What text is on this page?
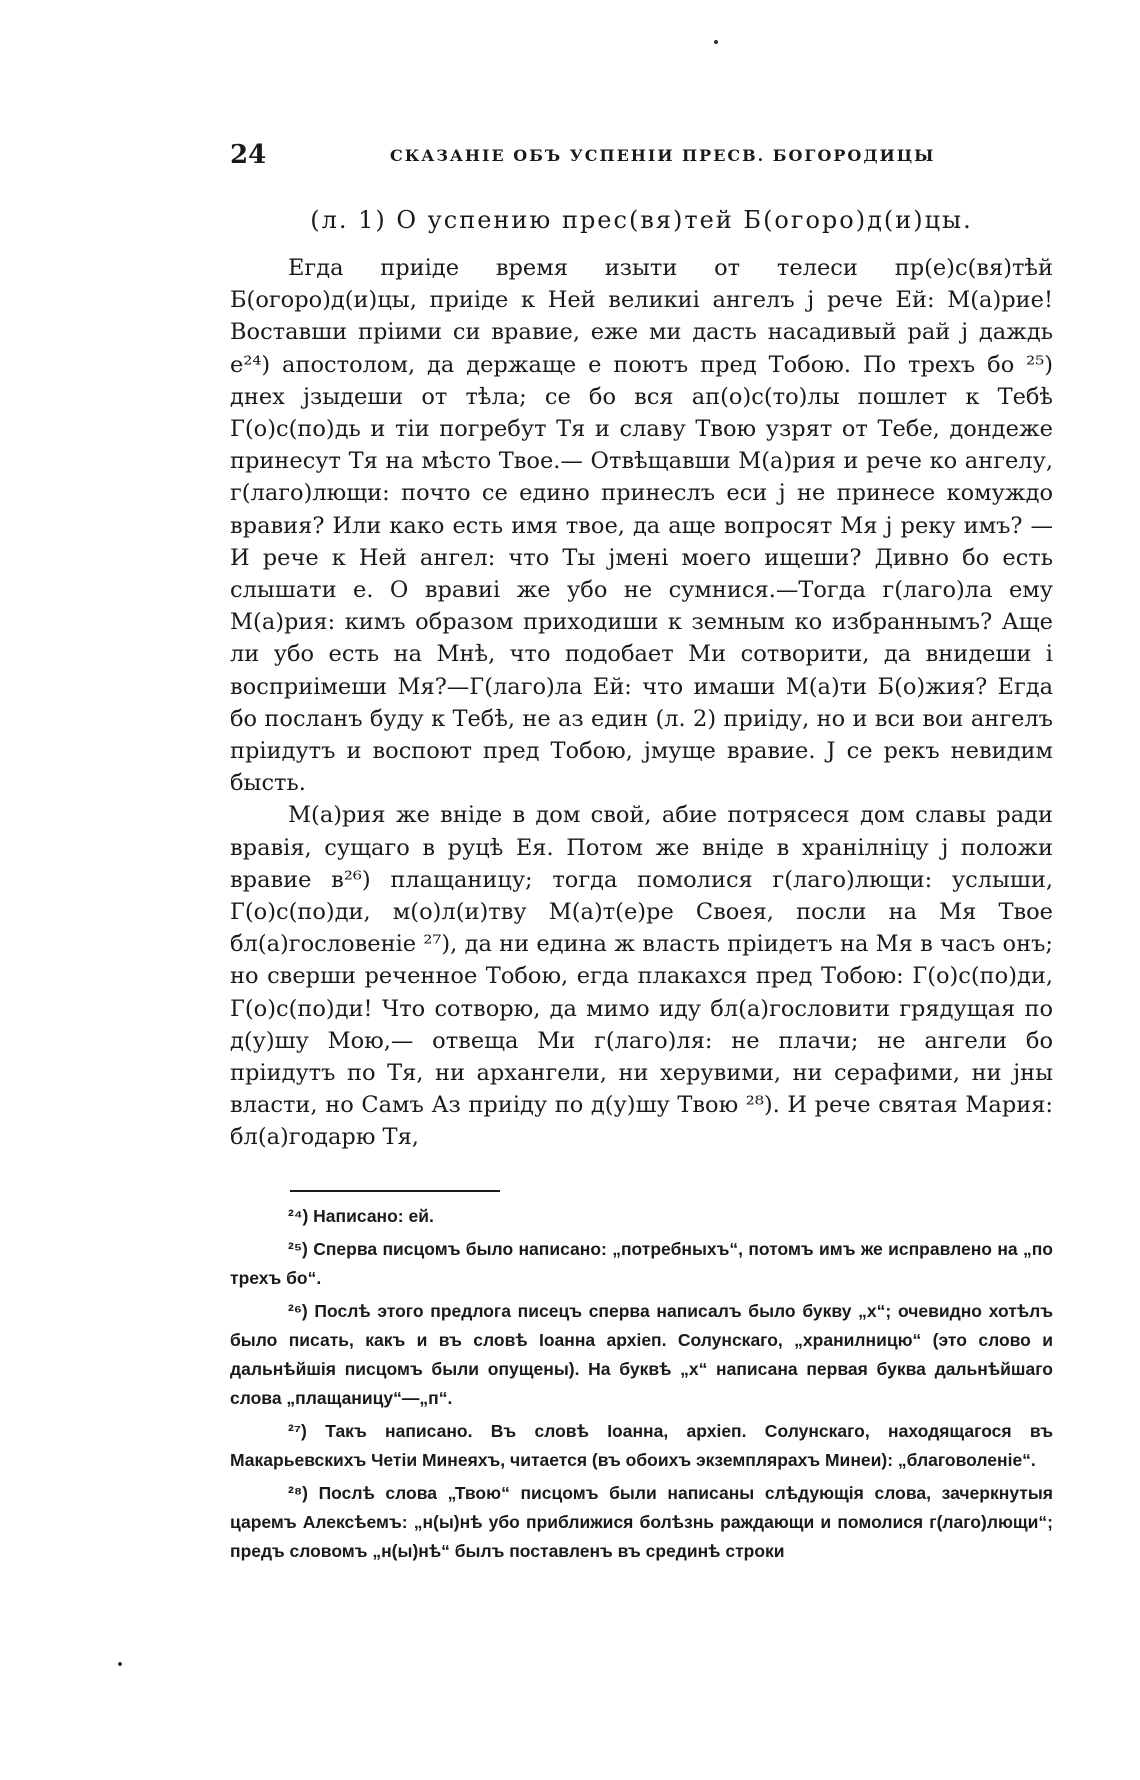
24	СКАЗАНІЕ ОБЪ УСПЕНІИ ПРЕСВ. БОГОРОДИЦЫ
(л. 1) О успению прес(вя)тей Б(огоро)д(и)цы.

Егда приіде время изыти от телеси пр(е)с(вя)тѣй Б(огоро)д(и)цы, приіде к Ней великиі ангелъ ј рече Ей: М(а)рие! Воставши пріими си вравие, еже ми дасть насадивый рай ј даждь е²⁴) апостолом, да держаще е поютъ пред Тобою. По трехъ бо ²⁵) днех јзыдеши от тѣла; се бо вся ап(о)с(то)лы пошлет к Тебѣ Г(о)с(по)дь и тіи погребут Тя и славу Твою узрят от Тебе, дондеже принесут Тя на мѣсто Твое.— Отвѣщавши М(а)рия и рече ко ангелу, г(лаго)лющи: почто се едино принеслъ еси ј не принесе комуждо вравия? Или како есть имя твое, да аще вопросят Мя ј реку имъ? — И рече к Ней ангел: что Ты јмені моего ищеши? Дивно бо есть слышати е. О вравиі же убо не сумнися.—Тогда г(лаго)ла ему М(а)рия: кимъ образом приходиши к земным ко избраннымъ? Аще ли убо есть на Мнѣ, что подобает Ми сотворити, да внидеши і восприімеши Мя?—Г(лаго)ла Ей: что имаши М(а)ти Б(о)жия? Егда бо посланъ буду к Тебѣ, не аз един (л. 2) приіду, но и вси вои ангелъ пріидутъ и воспоют пред Тобою, јмуще вравие. Ј се рекъ невидим бысть.

М(а)рия же вніде в дом свой, абие потрясеся дом славы ради вравія, сущаго в руцѣ Ея. Потом же вніде в хранілніцу ј положи вравие в²⁶) плащаницу; тогда помолися г(лаго)лющи: услыши, Г(о)с(по)ди, м(о)л(и)тву М(а)т(е)ре Своея, посли на Мя Твое бл(а)гословеніе ²⁷), да ни едина ж власть пріидетъ на Мя в часъ онъ; но сверши реченное Тобою, егда плакахся пред Тобою: Г(о)с(по)ди, Г(о)с(по)ди! Что сотворю, да мимо иду бл(а)гословити грядущая по д(у)шу Мою,— отвеща Ми г(лаго)ля: не плачи; не ангели бо пріидутъ по Тя, ни архангели, ни херувими, ни серафими, ни јны власти, но Самъ Аз приіду по д(у)шу Твою ²⁸). И рече святая Мария: бл(а)годарю Тя,

²⁴) Написано: ей.

²⁵) Сперва писцомъ было написано: „потребныхъ“, потомъ имъ же исправлено на „по трехъ бо“.

²⁶) Послѣ этого предлога писецъ сперва написалъ было букву „х“; очевидно хотѣлъ было писать, какъ и въ словѣ Іоанна архіеп. Солунскаго, „хранилницю“ (это слово и дальнѣйшія писцомъ были опущены). На буквѣ „х“ написана первая буква дальнѣйшаго слова „плащаницу“—„п“.

²⁷) Такъ написано. Въ словѣ Іоанна, архіеп. Солунскаго, находящагося въ Макарьевскихъ Четіи Минеяхъ, читается (въ обоихъ экземплярахъ Минеи): „благоволеніе“.

²⁸) Послѣ слова „Твою“ писцомъ были написаны слѣдующія слова, зачеркнутыя царемъ Алексѣемъ: „н(ы)нѣ убо приближися болѣзнь раждающи и помолися г(лаго)лющи“; предъ словомъ „н(ы)нѣ“ былъ поставленъ въ срединѣ строки
